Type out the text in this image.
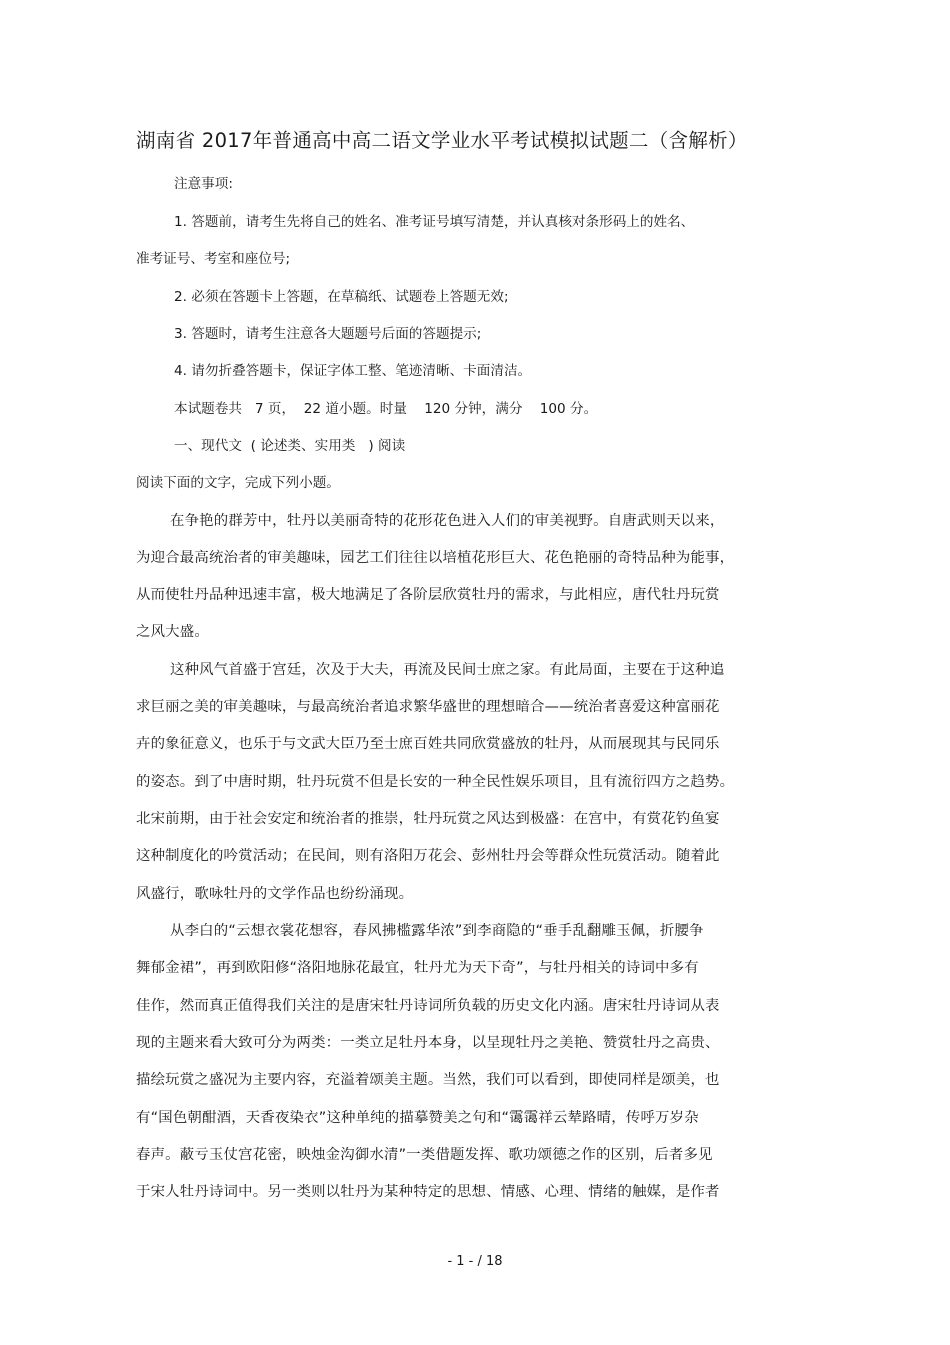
湖南省 2017年普通高中高二语文学业水平考试模拟试题二（含解析）

注意事项:

1. 答题前，请考生先将自己的姓名、准考证号填写清楚，并认真核对条形码上的姓名、

准考证号、考室和座位号;

2. 必须在答题卡上答题，在草稿纸、试题卷上答题无效;

3. 答题时，请考生注意各大题题号后面的答题提示;

4. 请勿折叠答题卡，保证字体工整、笔迹清晰、卡面清洁。

本试题卷共   7 页，  22 道小题。时量    120 分钟，满分    100 分。

一、现代文  ( 论述类、实用类   ) 阅读

阅读下面的文字，完成下列小题。

在争艳的群芳中，牡丹以美丽奇特的花形花色进入人们的审美视野。自唐武则天以来，

为迎合最高统治者的审美趣味，园艺工们往往以培植花形巨大、花色艳丽的奇特品种为能事，

从而使牡丹品种迅速丰富，极大地满足了各阶层欣赏牡丹的需求，与此相应，唐代牡丹玩赏

之风大盛。

这种风气首盛于宫廷，次及于大夫，再流及民间士庶之家。有此局面，主要在于这种追

求巨丽之美的审美趣味，与最高统治者追求繁华盛世的理想暗合——统治者喜爱这种富丽花

卉的象征意义，也乐于与文武大臣乃至士庶百姓共同欣赏盛放的牡丹，从而展现其与民同乐

的姿态。到了中唐时期，牡丹玩赏不但是长安的一种全民性娱乐项目，且有流衍四方之趋势。

北宋前期，由于社会安定和统治者的推崇，牡丹玩赏之风达到极盛：在宫中，有赏花钓鱼宴

这种制度化的吟赏活动；在民间，则有洛阳万花会、彭州牡丹会等群众性玩赏活动。随着此

风盛行，歌咏牡丹的文学作品也纷纷涌现。

从李白的“云想衣裳花想容，春风拂槛露华浓”到李商隐的“垂手乱翻雕玉佩，折腰争

舞郁金裙”，再到欧阳修“洛阳地脉花最宜，牡丹尤为天下奇”，与牡丹相关的诗词中多有

佳作，然而真正值得我们关注的是唐宋牡丹诗词所负载的历史文化内涵。唐宋牡丹诗词从表

现的主题来看大致可分为两类：一类立足牡丹本身，以呈现牡丹之美艳、赞赏牡丹之高贵、

描绘玩赏之盛况为主要内容，充溢着颂美主题。当然，我们可以看到，即使同样是颂美，也

有“国色朝酣酒，天香夜染衣”这种单纯的描摹赞美之句和“霭霭祥云辇路晴，传呼万岁杂

春声。蔽亏玉仗宫花密，映烛金沟御水清”一类借题发挥、歌功颂德之作的区别，后者多见

于宋人牡丹诗词中。另一类则以牡丹为某种特定的思想、情感、心理、情绪的触媒，是作者

- 1 - / 18
